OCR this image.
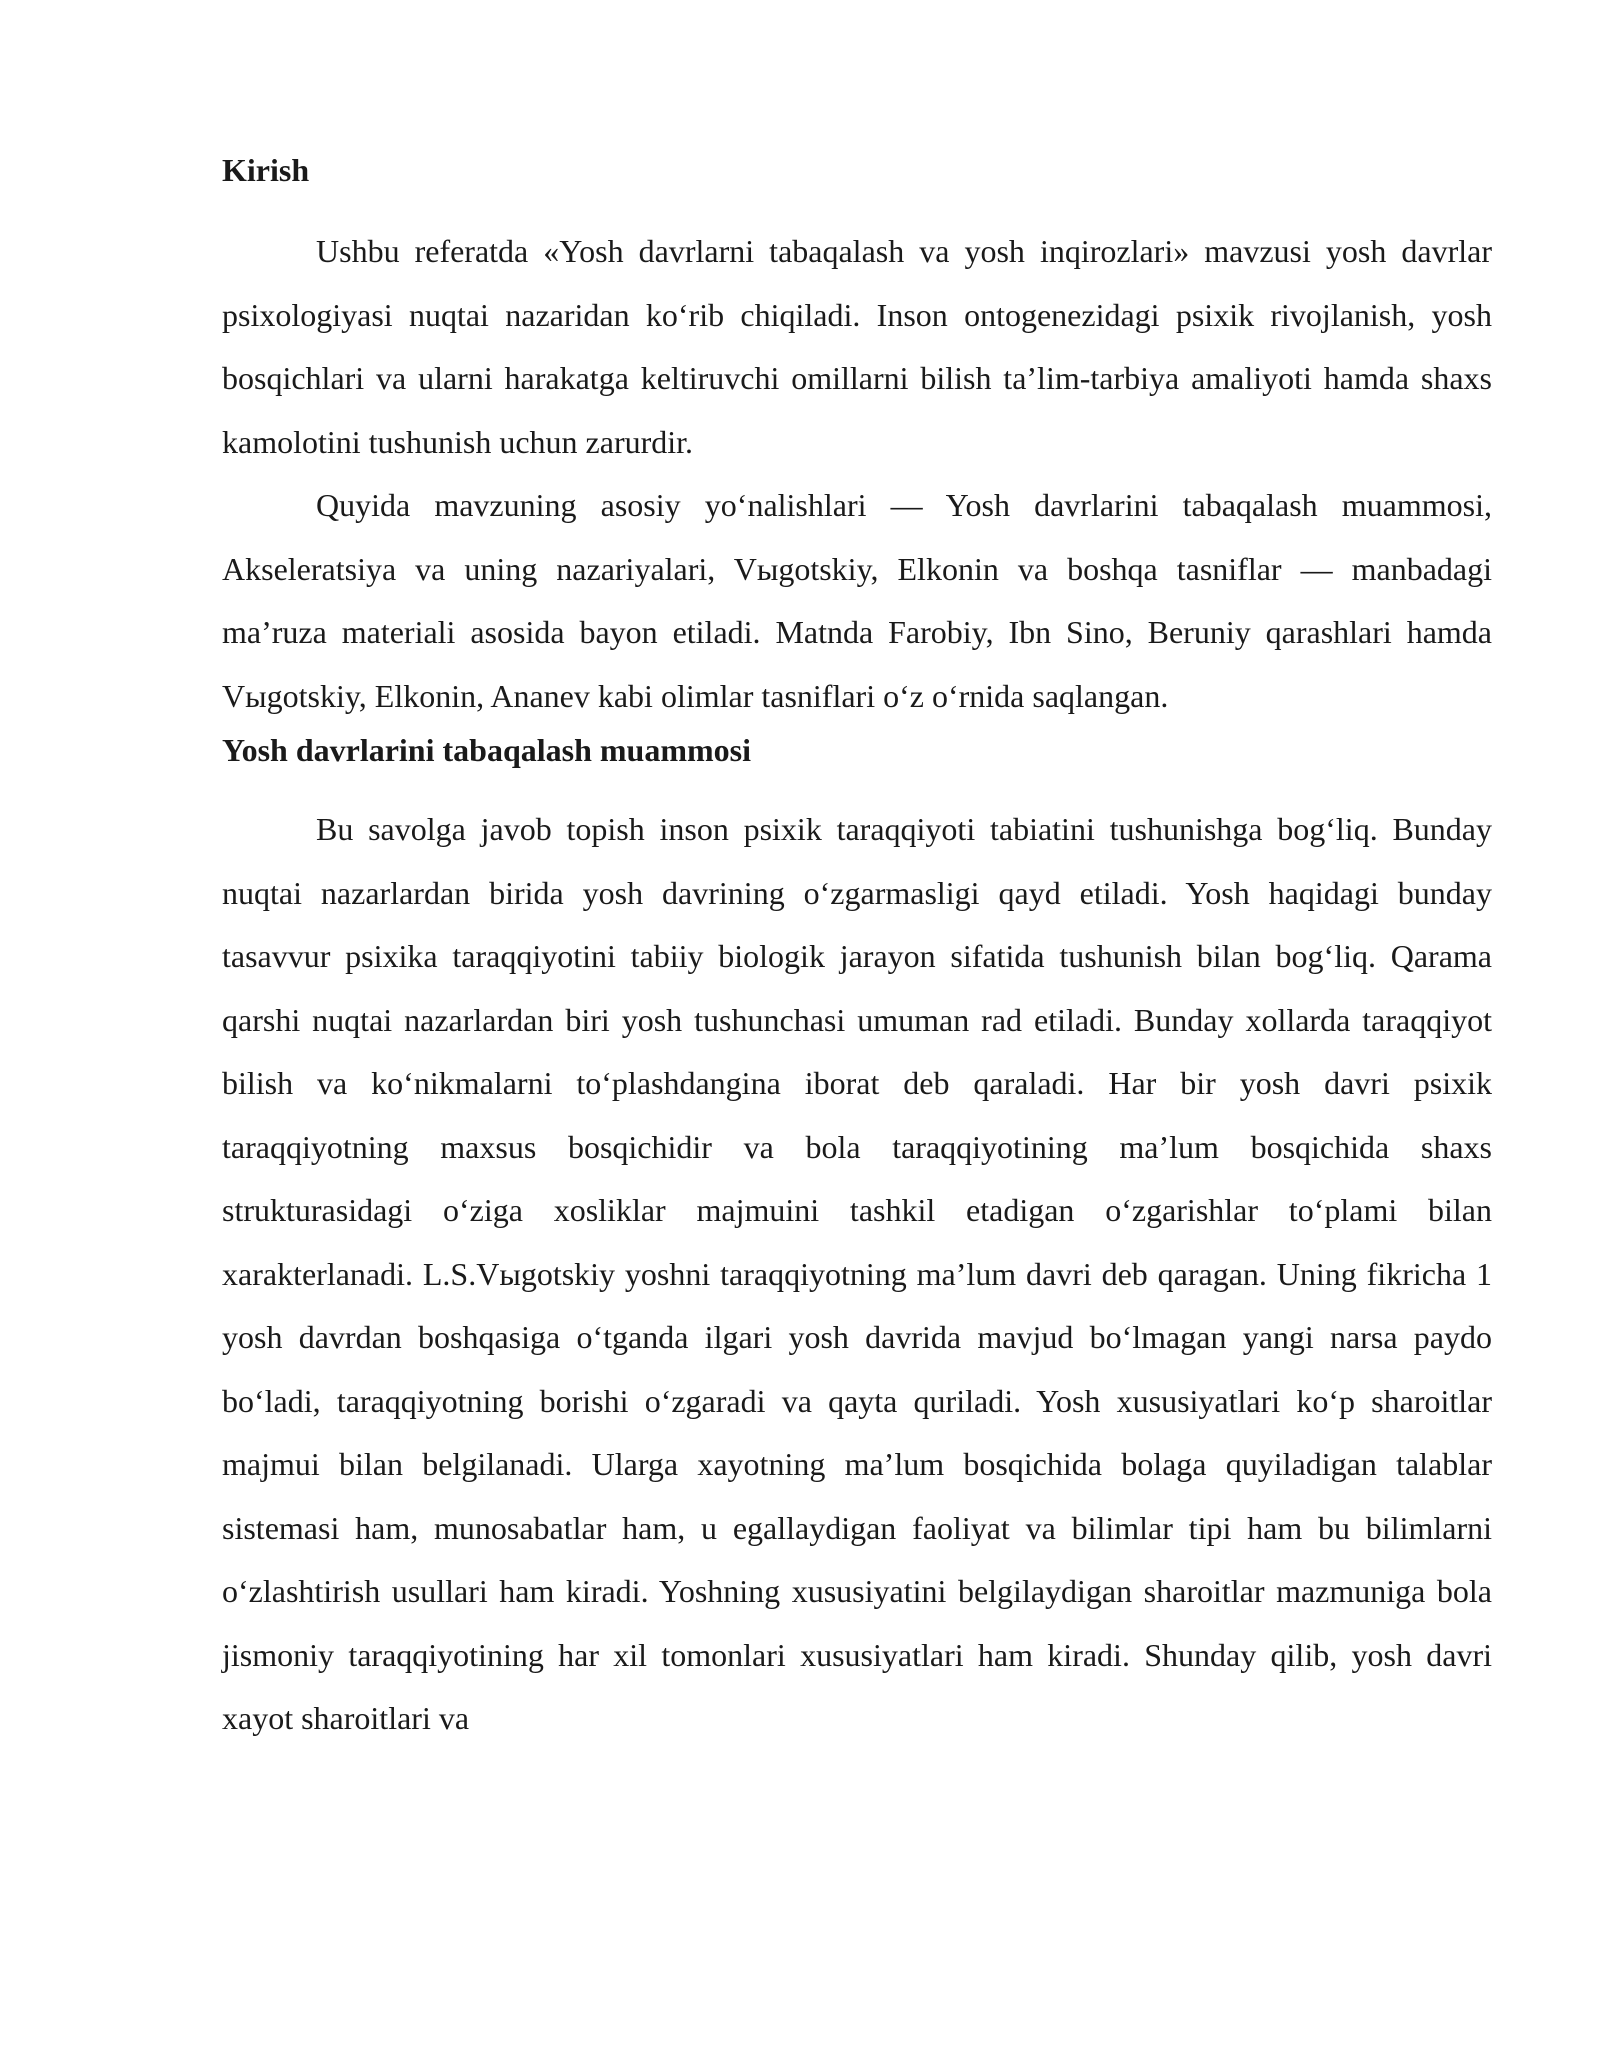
Kirish

Ushbu referatda «Yosh davrlarni tabaqalash va yosh inqirozlari» mavzusi yosh davrlar psixologiyasi nuqtai nazaridan ko‘rib chiqiladi. Inson ontogenezidagi psixik rivojlanish, yosh bosqichlari va ularni harakatga keltiruvchi omillarni bilish ta’lim-tarbiya amaliyoti hamda shaxs kamolotini tushunish uchun zarurdir.

Quyida mavzuning asosiy yo‘nalishlari — Yosh davrlarini tabaqalash muammosi, Akseleratsiya va uning nazariyalari, Vыgotskiy, Elkonin va boshqa tasniflar — manbadagi ma’ruza materiali asosida bayon etiladi. Matnda Farobiy, Ibn Sino, Beruniy qarashlari hamda Vыgotskiy, Elkonin, Ananev kabi olimlar tasniflari o‘z o‘rnida saqlangan.

Yosh davrlarini tabaqalash muammosi

Bu savolga javob topish inson psixik taraqqiyoti tabiatini tushunishga bog‘liq. Bunday nuqtai nazarlardan birida yosh davrining o‘zgarmasligi qayd etiladi. Yosh haqidagi bunday tasavvur psixika taraqqiyotini tabiiy biologik jarayon sifatida tushunish bilan bog‘liq. Qarama qarshi nuqtai nazarlardan biri yosh tushunchasi umuman rad etiladi. Bunday xollarda taraqqiyot bilish va ko‘nikmalarni to‘plashdangina iborat deb qaraladi. Har bir yosh davri psixik taraqqiyotning maxsus bosqichidir va bola taraqqiyotining ma’lum bosqichida shaxs strukturasidagi o‘ziga xosliklar majmuini tashkil etadigan o‘zgarishlar to‘plami bilan xarakterlanadi. L.S.Vыgotskiy yoshni taraqqiyotning ma’lum davri deb qaragan. Uning fikricha 1 yosh davrdan boshqasiga o‘tganda ilgari yosh davrida mavjud bo‘lmagan yangi narsa paydo bo‘ladi, taraqqiyotning borishi o‘zgaradi va qayta quriladi. Yosh xususiyatlari ko‘p sharoitlar majmui bilan belgilanadi. Ularga xayotning ma’lum bosqichida bolaga quyiladigan talablar sistemasi ham, munosabatlar ham, u egallaydigan faoliyat va bilimlar tipi ham bu bilimlarni o‘zlashtirish usullari ham kiradi. Yoshning xususiyatini belgilaydigan sharoitlar mazmuniga bola jismoniy taraqqiyotining har xil tomonlari xususiyatlari ham kiradi. Shunday qilib, yosh davri xayot sharoitlari va
